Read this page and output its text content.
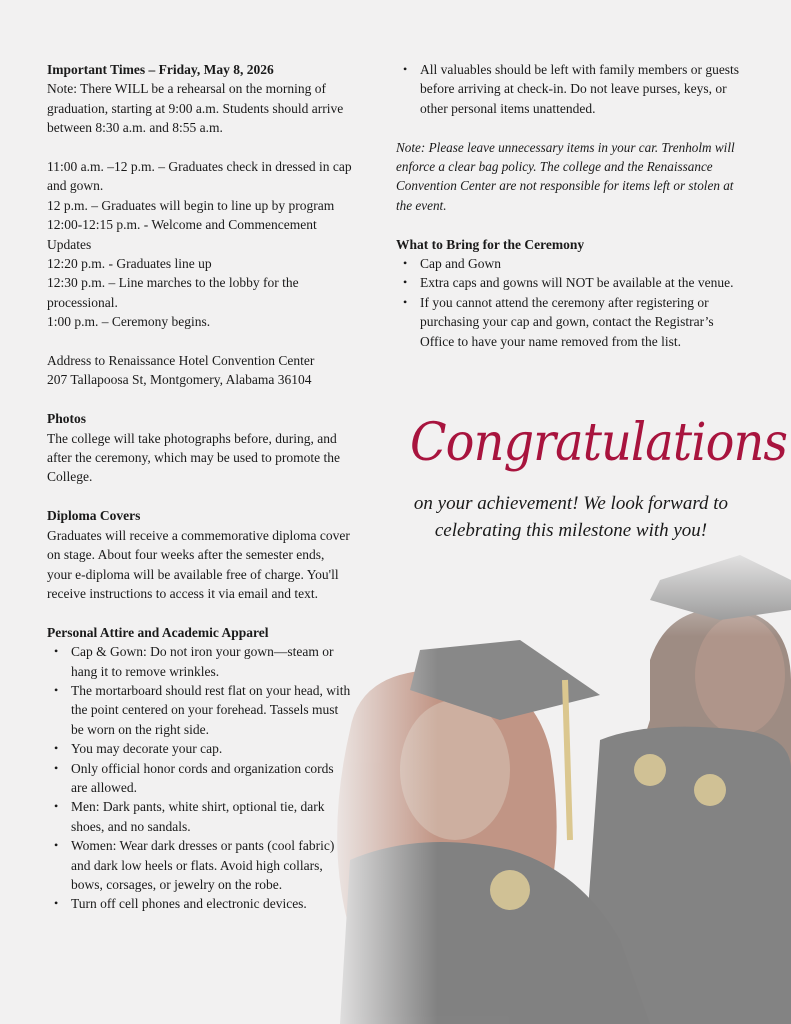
Important Times – Friday, May 8, 2026

Note: There WILL be a rehearsal on the morning of graduation, starting at 9:00 a.m. Students should arrive between 8:30 a.m. and 8:55 a.m.

11:00 a.m. –12 p.m. – Graduates check in dressed in cap and gown.

12 p.m. – Graduates will begin to line up by program

12:00-12:15 p.m. - Welcome and Commencement Updates

12:20 p.m. - Graduates line up

12:30 p.m. – Line marches to the lobby for the processional.

1:00 p.m. – Ceremony begins.

Address to Renaissance Hotel Convention Center

207 Tallapoosa St, Montgomery, Alabama 36104

Photos

The college will take photographs before, during, and after the ceremony, which may be used to promote the College.

Diploma Covers

Graduates will receive a commemorative diploma cover on stage. About four weeks after the semester ends, your e-diploma will be available free of charge. You'll receive instructions to access it via email and text.

Personal Attire and Academic Apparel

• Cap & Gown: Do not iron your gown—steam or hang it to remove wrinkles.
• The mortarboard should rest flat on your head, with the point centered on your forehead. Tassels must be worn on the right side.
• You may decorate your cap.
• Only official honor cords and organization cords are allowed.
• Men: Dark pants, white shirt, optional tie, dark shoes, and no sandals.
• Women: Wear dark dresses or pants (cool fabric) and dark low heels or flats. Avoid high collars, bows, corsages, or jewelry on the robe.
• Turn off cell phones and electronic devices.
• All valuables should be left with family members or guests before arriving at check-in. Do not leave purses, keys, or other personal items unattended.

Note: Please leave unnecessary items in your car. Trenholm will enforce a clear bag policy. The college and the Renaissance Convention Center are not responsible for items left or stolen at the event.

What to Bring for the Ceremony

• Cap and Gown
• Extra caps and gowns will NOT be available at the venue.
• If you cannot attend the ceremony after registering or purchasing your cap and gown, contact the Registrar’s Office to have your name removed from the list.
Congratulations
on your achievement! We look forward to celebrating this milestone with you!
